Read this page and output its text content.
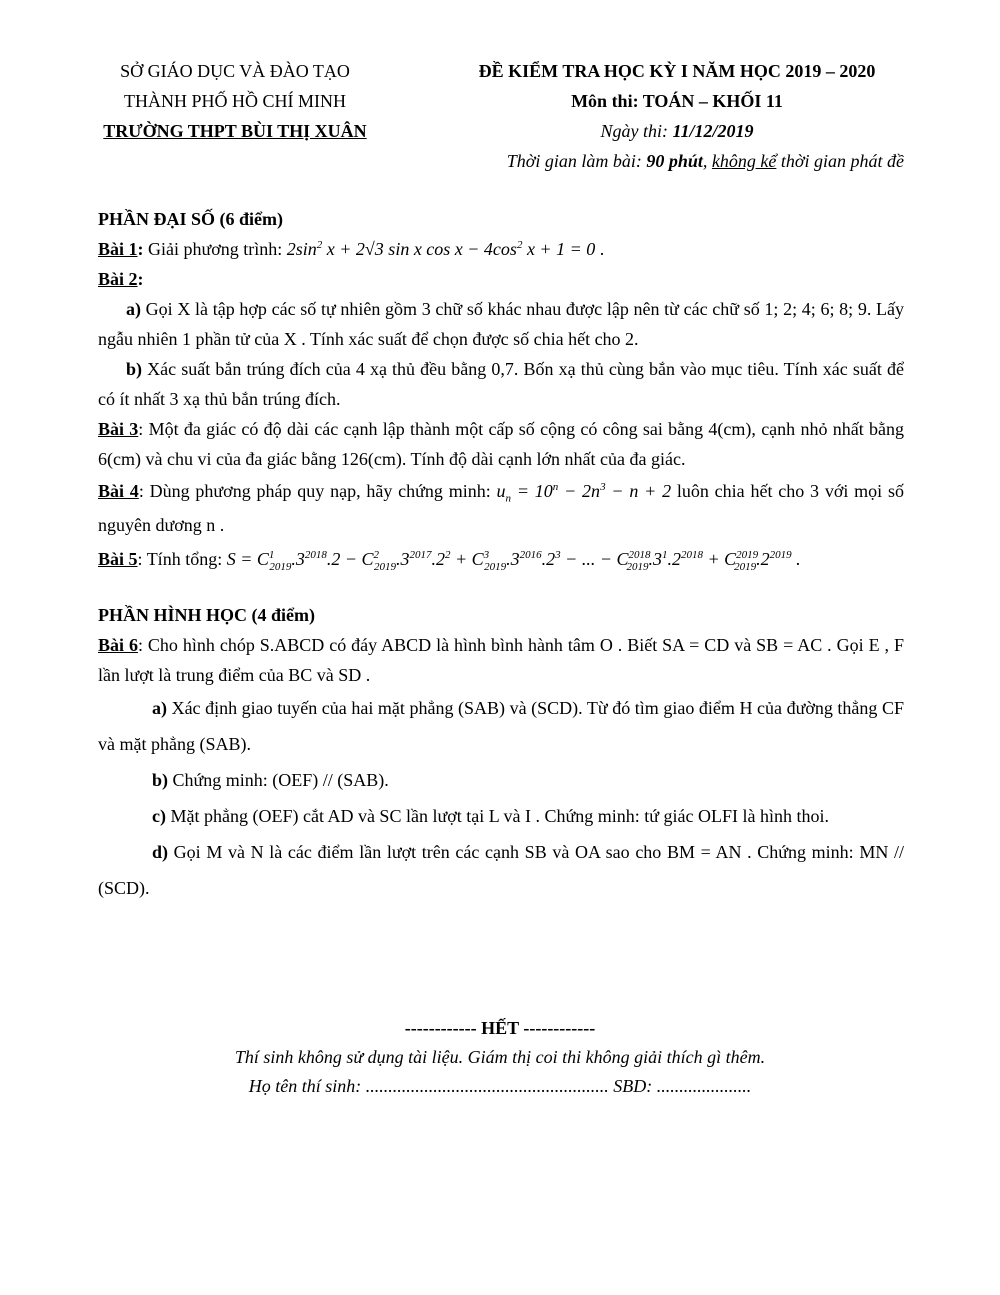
SỞ GIÁO DỤC VÀ ĐÀO TẠO
THÀNH PHỐ HỒ CHÍ MINH
TRƯỜNG THPT BÙI THỊ XUÂN
ĐỀ KIỂM TRA HỌC KỲ I NĂM HỌC 2019 – 2020
Môn thi: TOÁN – KHỐI 11
Ngày thi: 11/12/2019
Thời gian làm bài: 90 phút, không kể thời gian phát đề

PHẦN ĐẠI SỐ (6 điểm)

Bài 1: Giải phương trình: $2\sin^2$ x + 2√3 sin x $\cos x - 4\cos^2$ x + 1 = 0 .

Bài 2:

a) Gọi X là tập hợp các số tự nhiên gồm 3 chữ số khác nhau được lập nên từ các chữ số 1; 2; 4; 6; 8; 9. Lấy ngẫu nhiên 1 phần tử của X . Tính xác suất để chọn được số chia hết cho 2.

b) Xác suất bắn trúng đích của 4 xạ thủ đều bằng 0,7. Bốn xạ thủ cùng bắn vào mục tiêu. Tính xác suất để có ít nhất 3 xạ thủ bắn trúng đích.

Bài 3: Một đa giác có độ dài các cạnh lập thành một cấp số cộng có công sai bằng 4(cm), cạnh nhỏ nhất bằng 6(cm) và chu vi của đa giác bằng 126(cm). Tính độ dài cạnh lớn nhất của đa giác.

Bài 4: Dùng phương pháp quy nạp, hãy chứng minh: $u_n = 10^n - 2n^3 - n + 2$ luôn chia hết cho 3 với mọi số nguyên dương n .

Bài 5: Tính tổng: $S = C^1_{2019}.3^{2018}.2 - C^2_{2019}.3^{2017}.2^2 + C^3_{2019}.3^{2016}.2^3$ − ... − $C^{2018}_{2019}.3^1.2^{2018} + C^{2019}_{2019}.2^{2019}$ .

PHẦN HÌNH HỌC (4 điểm)

Bài 6: Cho hình chóp S.ABCD có đáy ABCD là hình bình hành tâm O . Biết SA = CD và SB = AC . Gọi E , F lần lượt là trung điểm của BC và SD .

a) Xác định giao tuyến của hai mặt phẳng (SAB) và (SCD). Từ đó tìm giao điểm H của đường thẳng CF và mặt phẳng (SAB).

b) Chứng minh: (OEF) // (SAB).

c) Mặt phẳng (OEF) cắt AD và SC lần lượt tại L và I . Chứng minh: tứ giác OLFI là hình thoi.

d) Gọi M và N là các điểm lần lượt trên các cạnh SB và OA sao cho BM = AN . Chứng minh: MN // (SCD).

------------ HẾT ------------
Thí sinh không sử dụng tài liệu. Giám thị coi thi không giải thích gì thêm.
Họ tên thí sinh: ...................................................... SBD: .....................
